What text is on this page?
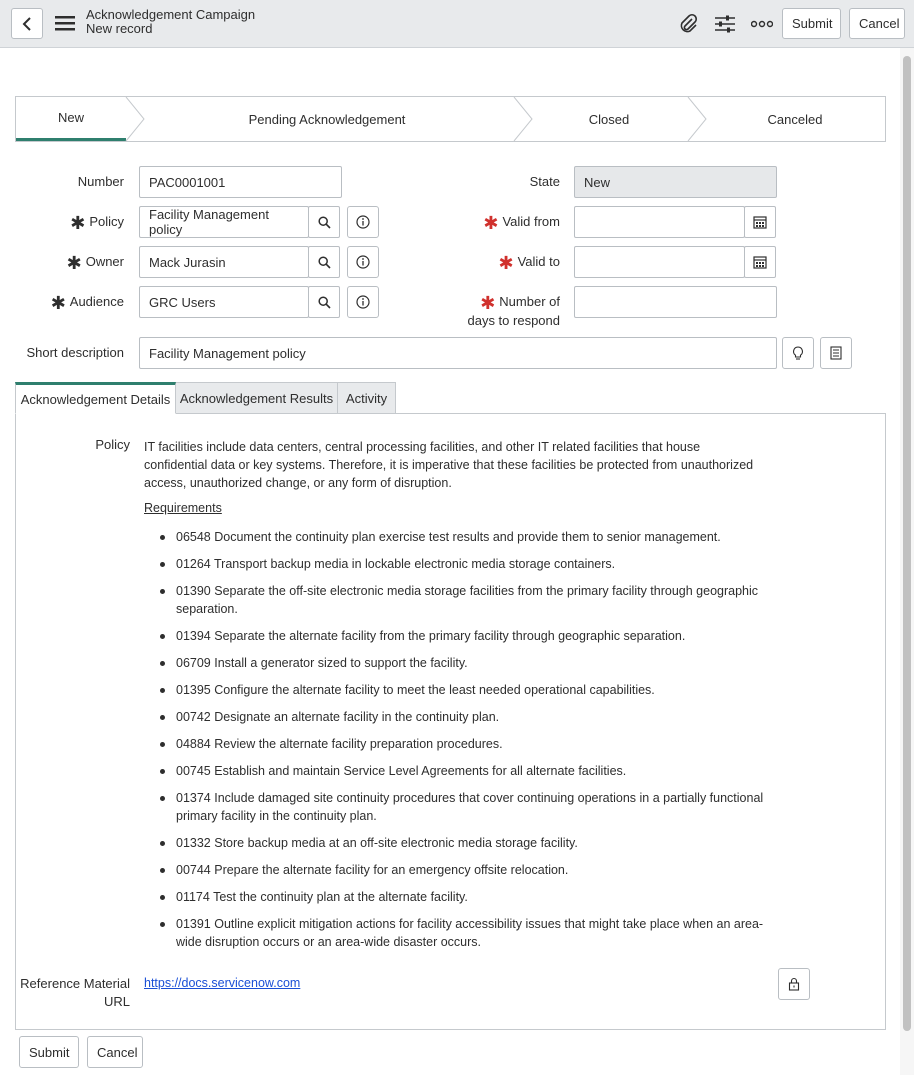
Acknowledgement Campaign
New record	Submit	Cancel
New	Pending Acknowledgement	Closed	Canceled
Number	PAC0001001
✱ Policy	Facility Management policy
✱ Owner	Mack Jurasin
✱ Audience	GRC Users
State	New
✱ Valid from
✱ Valid to
✱ Number of
days to respond
Short description	Facility Management policy
Acknowledgement Details Acknowledgement Results Activity
Policy IT facilities include data centers, central processing facilities, and other IT related facilities that house confidential data or key systems. Therefore, it is imperative that these facilities be protected from unauthorized access, unauthorized change, or any form of disruption.
Requirements
06548 Document the continuity plan exercise test results and provide them to senior management.
01264 Transport backup media in lockable electronic media storage containers.
01390 Separate the off-site electronic media storage facilities from the primary facility through geographic separation.
01394 Separate the alternate facility from the primary facility through geographic separation.
06709 Install a generator sized to support the facility.
01395 Configure the alternate facility to meet the least needed operational capabilities.
00742 Designate an alternate facility in the continuity plan.
04884 Review the alternate facility preparation procedures.
00745 Establish and maintain Service Level Agreements for all alternate facilities.
01374 Include damaged site continuity procedures that cover continuing operations in a partially functional primary facility in the continuity plan.
01332 Store backup media at an off-site electronic media storage facility.
00744 Prepare the alternate facility for an emergency offsite relocation.
01174 Test the continuity plan at the alternate facility.
01391 Outline explicit mitigation actions for facility accessibility issues that might take place when an area-wide disruption occurs or an area-wide disaster occurs.
Reference Material
URL
https://docs.servicenow.com
Submit	Cancel
